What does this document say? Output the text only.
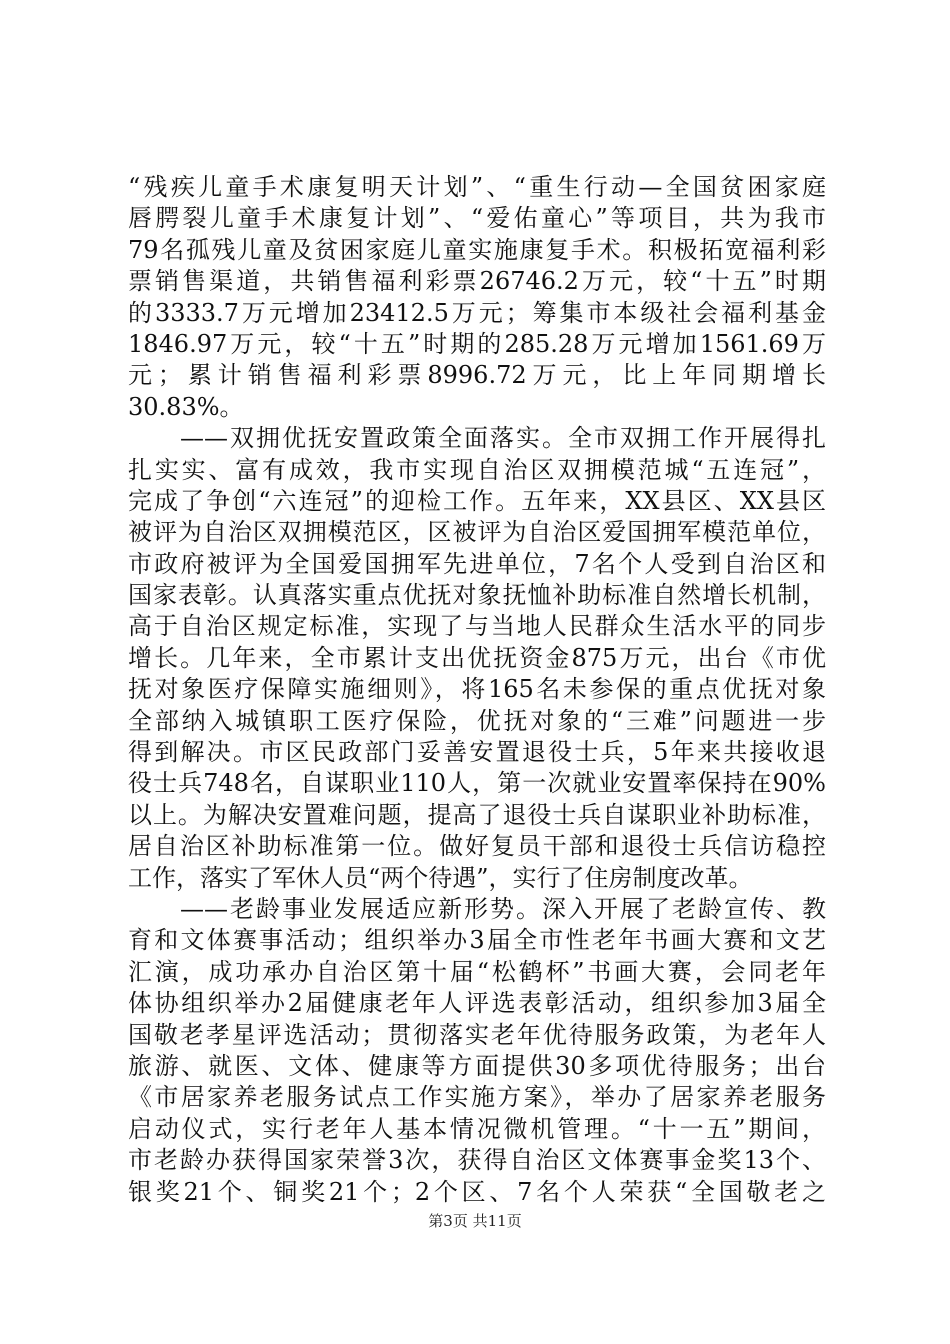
“残疾儿童手术康复明天计划”、“重生行动—全国贫困家庭
唇腭裂儿童手术康复计划”、“爱佑童心”等项目，共为我市
79名孤残儿童及贫困家庭儿童实施康复手术。积极拓宽福利彩
票销售渠道，共销售福利彩票26746.2万元，较“十五”时期
的3333.7万元增加23412.5万元；筹集市本级社会福利基金
1846.97万元，较“十五”时期的285.28万元增加1561.69万
元；累计销售福利彩票8996.72万元，比上年同期增长
30.83%。
　　——双拥优抚安置政策全面落实。全市双拥工作开展得扎
扎实实、富有成效，我市实现自治区双拥模范城“五连冠”，
完成了争创“六连冠”的迎检工作。五年来，XX县区、XX县区
被评为自治区双拥模范区，区被评为自治区爱国拥军模范单位，
市政府被评为全国爱国拥军先进单位，7名个人受到自治区和
国家表彰。认真落实重点优抚对象抚恤补助标准自然增长机制，
高于自治区规定标准，实现了与当地人民群众生活水平的同步
增长。几年来，全市累计支出优抚资金875万元，出台《市优
抚对象医疗保障实施细则》，将165名未参保的重点优抚对象
全部纳入城镇职工医疗保险，优抚对象的“三难”问题进一步
得到解决。市区民政部门妥善安置退役士兵，5年来共接收退
役士兵748名，自谋职业110人，第一次就业安置率保持在90%
以上。为解决安置难问题，提高了退役士兵自谋职业补助标准，
居自治区补助标准第一位。做好复员干部和退役士兵信访稳控
工作，落实了军休人员“两个待遇”，实行了住房制度改革。
　　——老龄事业发展适应新形势。深入开展了老龄宣传、教
育和文体赛事活动；组织举办3届全市性老年书画大赛和文艺
汇演，成功承办自治区第十届“松鹤杯”书画大赛，会同老年
体协组织举办2届健康老年人评选表彰活动，组织参加3届全
国敬老孝星评选活动；贯彻落实老年优待服务政策，为老年人
旅游、就医、文体、健康等方面提供30多项优待服务；出台
《市居家养老服务试点工作实施方案》，举办了居家养老服务
启动仪式，实行老年人基本情况微机管理。“十一五”期间，
市老龄办获得国家荣誉3次，获得自治区文体赛事金奖13个、
银奖21个、铜奖21个；2个区、7名个人荣获“全国敬老之
第3页 共11页
